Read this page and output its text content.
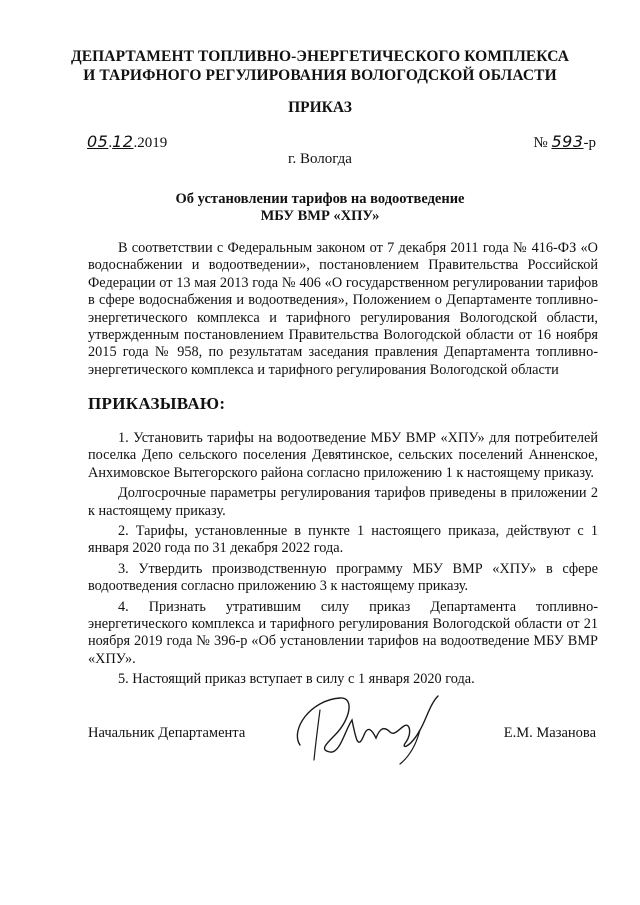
ДЕПАРТАМЕНТ ТОПЛИВНО-ЭНЕРГЕТИЧЕСКОГО КОМПЛЕКСА
И ТАРИФНОГО РЕГУЛИРОВАНИЯ ВОЛОГОДСКОЙ ОБЛАСТИ
ПРИКАЗ
05.12.2019	№ 593-р
г. Вологда
Об установлении тарифов на водоотведение
МБУ ВМР «ХПУ»

В соответствии с Федеральным законом от 7 декабря 2011 года № 416-ФЗ «О водоснабжении и водоотведении», постановлением Правительства Российской Федерации от 13 мая 2013 года № 406 «О государственном регулировании тарифов в сфере водоснабжения и водоотведения», Положением о Департаменте топливно-энергетического комплекса и тарифного регулирования Вологодской области, утвержденным постановлением Правительства Вологодской области от 16 ноября 2015 года № 958, по результатам заседания правления Департамента топливно-энергетического комплекса и тарифного регулирования Вологодской области

ПРИКАЗЫВАЮ:

1. Установить тарифы на водоотведение МБУ ВМР «ХПУ» для потребителей поселка Депо сельского поселения Девятинское, сельских поселений Анненское, Анхимовское Вытегорского района согласно приложению 1 к настоящему приказу.

Долгосрочные параметры регулирования тарифов приведены в приложении 2 к настоящему приказу.

2. Тарифы, установленные в пункте 1 настоящего приказа, действуют с 1 января 2020 года по 31 декабря 2022 года.

3. Утвердить производственную программу МБУ ВМР «ХПУ» в сфере водоотведения согласно приложению 3 к настоящему приказу.

4. Признать утратившим силу приказ Департамента топливно-энергетического комплекса и тарифного регулирования Вологодской области от 21 ноября 2019 года № 396-р «Об установлении тарифов на водоотведение МБУ ВМР «ХПУ».

5. Настоящий приказ вступает в силу с 1 января 2020 года.

Начальник Департамента	Е.М. Мазанова
